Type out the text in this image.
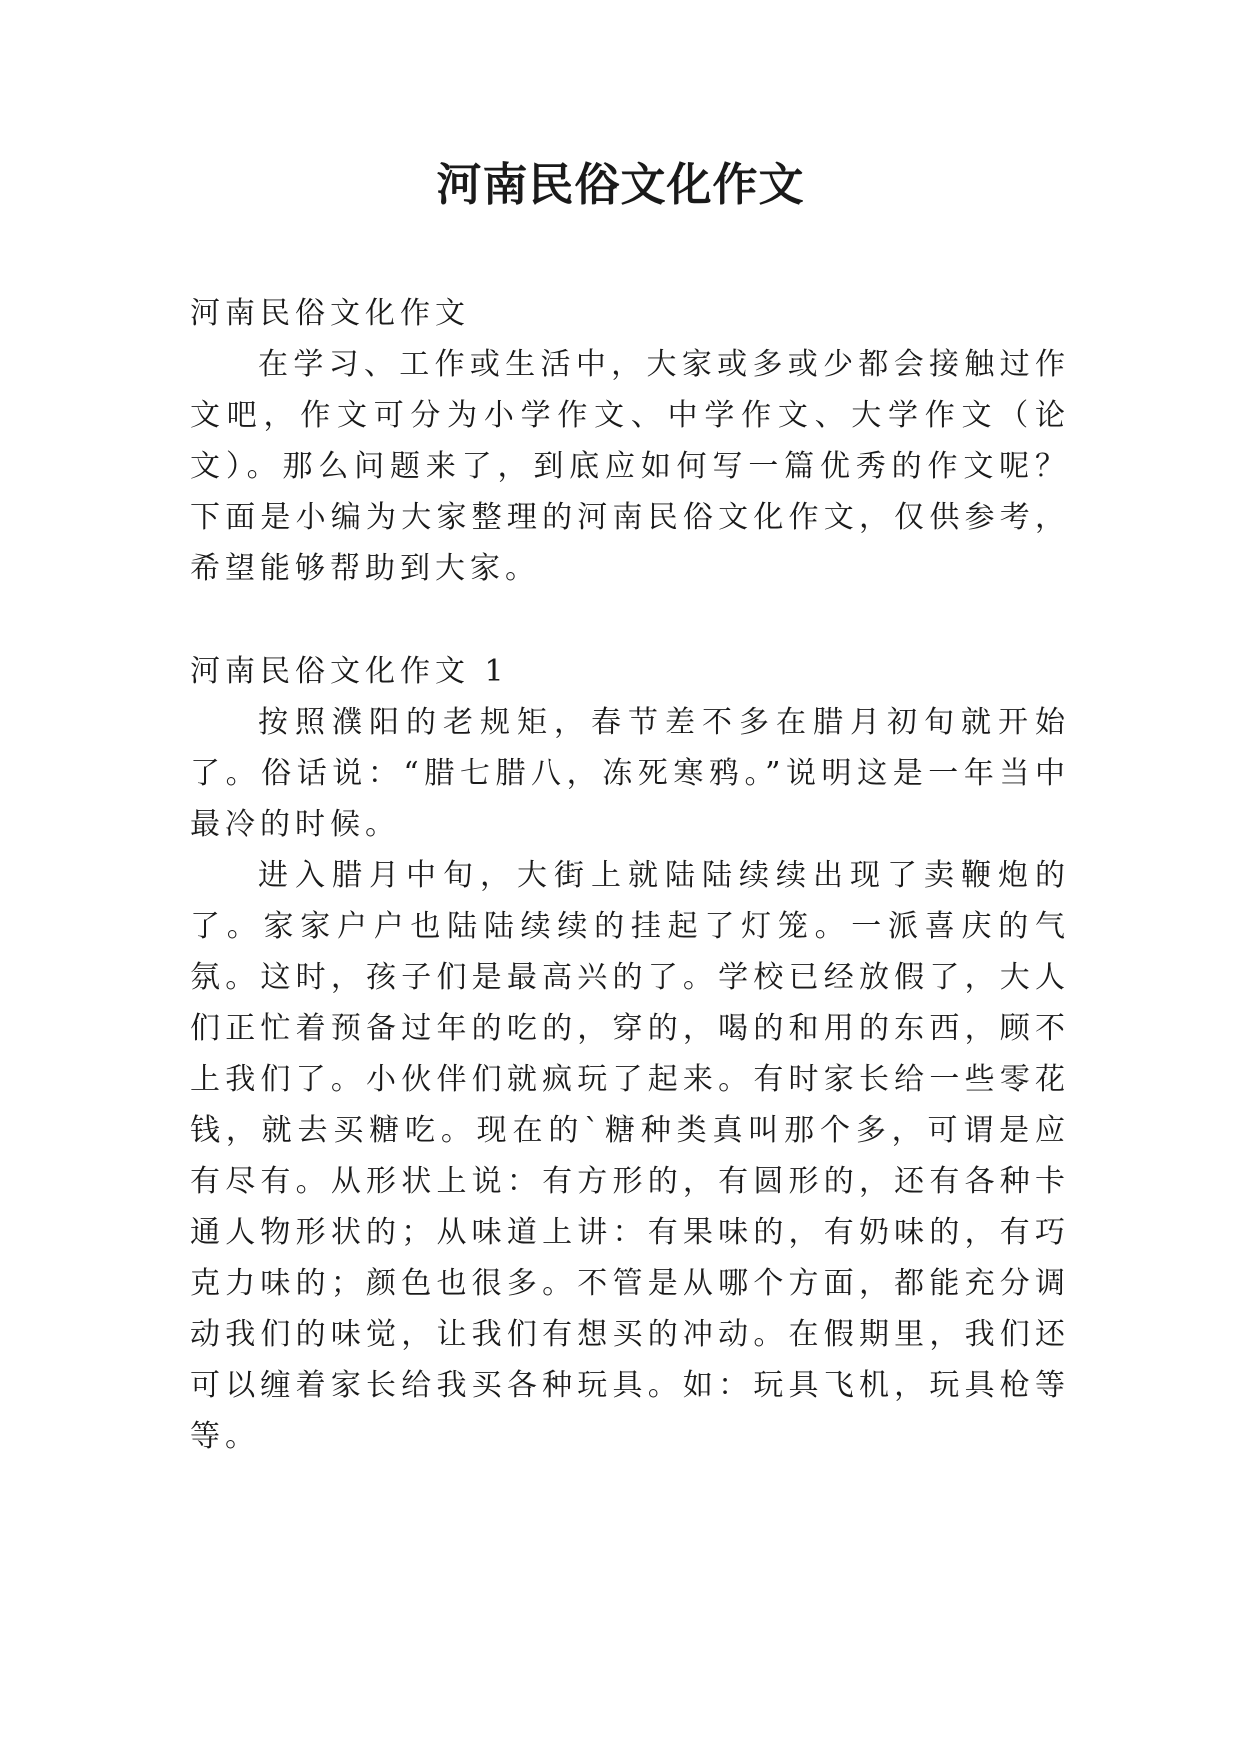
河南民俗文化作文

河南民俗文化作文

在学习、工作或生活中，大家或多或少都会接触过作文吧，作文可分为小学作文、中学作文、大学作文（论文）。那么问题来了，到底应如何写一篇优秀的作文呢？下面是小编为大家整理的河南民俗文化作文，仅供参考，希望能够帮助到大家。

河南民俗文化作文 1

按照濮阳的老规矩，春节差不多在腊月初旬就开始了。俗话说：“腊七腊八，冻死寒鸦。”说明这是一年当中最冷的时候。

进入腊月中旬，大街上就陆陆续续出现了卖鞭炮的了。家家户户也陆陆续续的挂起了灯笼。一派喜庆的气氛。这时，孩子们是最高兴的了。学校已经放假了，大人们正忙着预备过年的吃的，穿的，喝的和用的东西，顾不上我们了。小伙伴们就疯玩了起来。有时家长给一些零花钱，就去买糖吃。现在的`糖种类真叫那个多，可谓是应有尽有。从形状上说：有方形的，有圆形的，还有各种卡通人物形状的；从味道上讲：有果味的，有奶味的，有巧克力味的；颜色也很多。不管是从哪个方面，都能充分调动我们的味觉，让我们有想买的冲动。在假期里，我们还可以缠着家长给我买各种玩具。如：玩具飞机，玩具枪等等。
